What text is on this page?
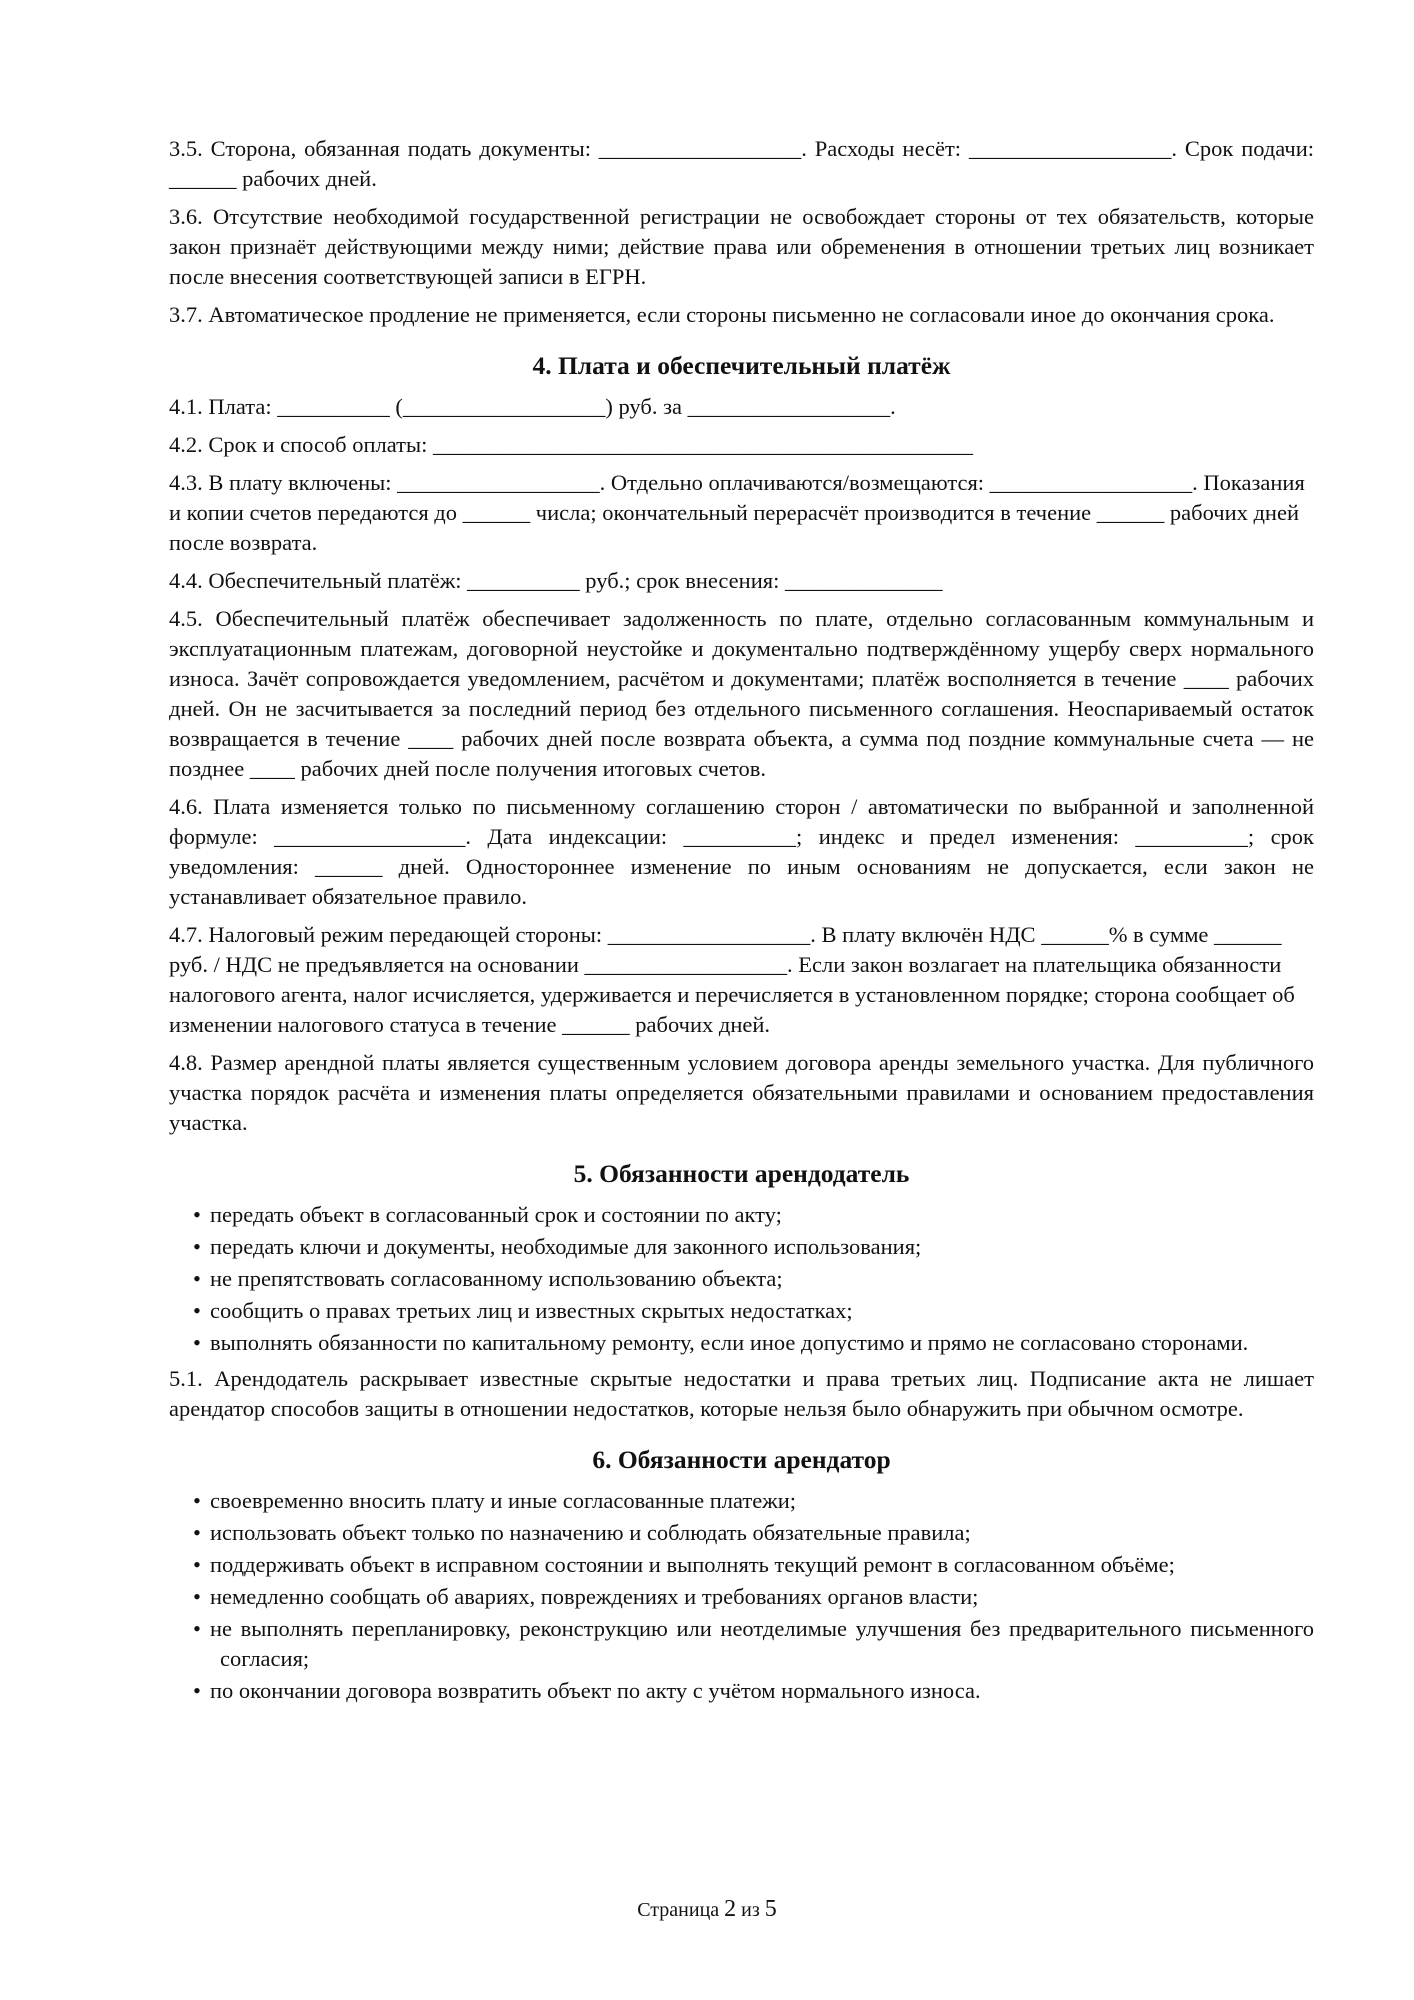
3.5. Сторона, обязанная подать документы: __________________. Расходы несёт: __________________. Срок подачи: ______ рабочих дней.

3.6. Отсутствие необходимой государственной регистрации не освобождает стороны от тех обязательств, которые закон признаёт действующими между ними; действие права или обременения в отношении третьих лиц возникает после внесения соответствующей записи в ЕГРН.

3.7. Автоматическое продление не применяется, если стороны письменно не согласовали иное до окончания срока.

4. Плата и обеспечительный платёж

4.1. Плата: __________ (__________________) руб. за __________________.

4.2. Срок и способ оплаты: ________________________________________________

4.3. В плату включены: __________________. Отдельно оплачиваются/возмещаются: __________________. Показания и копии счетов передаются до ______ числа; окончательный перерасчёт производится в течение ______ рабочих дней после возврата.

4.4. Обеспечительный платёж: __________ руб.; срок внесения: ______________

4.5. Обеспечительный платёж обеспечивает задолженность по плате, отдельно согласованным коммунальным и эксплуатационным платежам, договорной неустойке и документально подтверждённому ущербу сверх нормального износа. Зачёт сопровождается уведомлением, расчётом и документами; платёж восполняется в течение ____ рабочих дней. Он не засчитывается за последний период без отдельного письменного соглашения. Неоспариваемый остаток возвращается в течение ____ рабочих дней после возврата объекта, а сумма под поздние коммунальные счета — не позднее ____ рабочих дней после получения итоговых счетов.

4.6. Плата изменяется только по письменному соглашению сторон / автоматически по выбранной и заполненной формуле: _________________. Дата индексации: __________; индекс и предел изменения: __________; срок уведомления: ______ дней. Одностороннее изменение по иным основаниям не допускается, если закон не устанавливает обязательное правило.

4.7. Налоговый режим передающей стороны: __________________. В плату включён НДС ______% в сумме ______ руб. / НДС не предъявляется на основании __________________. Если закон возлагает на плательщика обязанности налогового агента, налог исчисляется, удерживается и перечисляется в установленном порядке; сторона сообщает об изменении налогового статуса в течение ______ рабочих дней.

4.8. Размер арендной платы является существенным условием договора аренды земельного участка. Для публичного участка порядок расчёта и изменения платы определяется обязательными правилами и основанием предоставления участка.

5. Обязанности арендодатель
• передать объект в согласованный срок и состоянии по акту;
• передать ключи и документы, необходимые для законного использования;
• не препятствовать согласованному использованию объекта;
• сообщить о правах третьих лиц и известных скрытых недостатках;
• выполнять обязанности по капитальному ремонту, если иное допустимо и прямо не согласовано сторонами.

5.1. Арендодатель раскрывает известные скрытые недостатки и права третьих лиц. Подписание акта не лишает арендатор способов защиты в отношении недостатков, которые нельзя было обнаружить при обычном осмотре.

6. Обязанности арендатор
• своевременно вносить плату и иные согласованные платежи;
• использовать объект только по назначению и соблюдать обязательные правила;
• поддерживать объект в исправном состоянии и выполнять текущий ремонт в согласованном объёме;
• немедленно сообщать об авариях, повреждениях и требованиях органов власти;
• не выполнять перепланировку, реконструкцию или неотделимые улучшения без предварительного письменного согласия;
• по окончании договора возвратить объект по акту с учётом нормального износа.
Страница 2 из 5
